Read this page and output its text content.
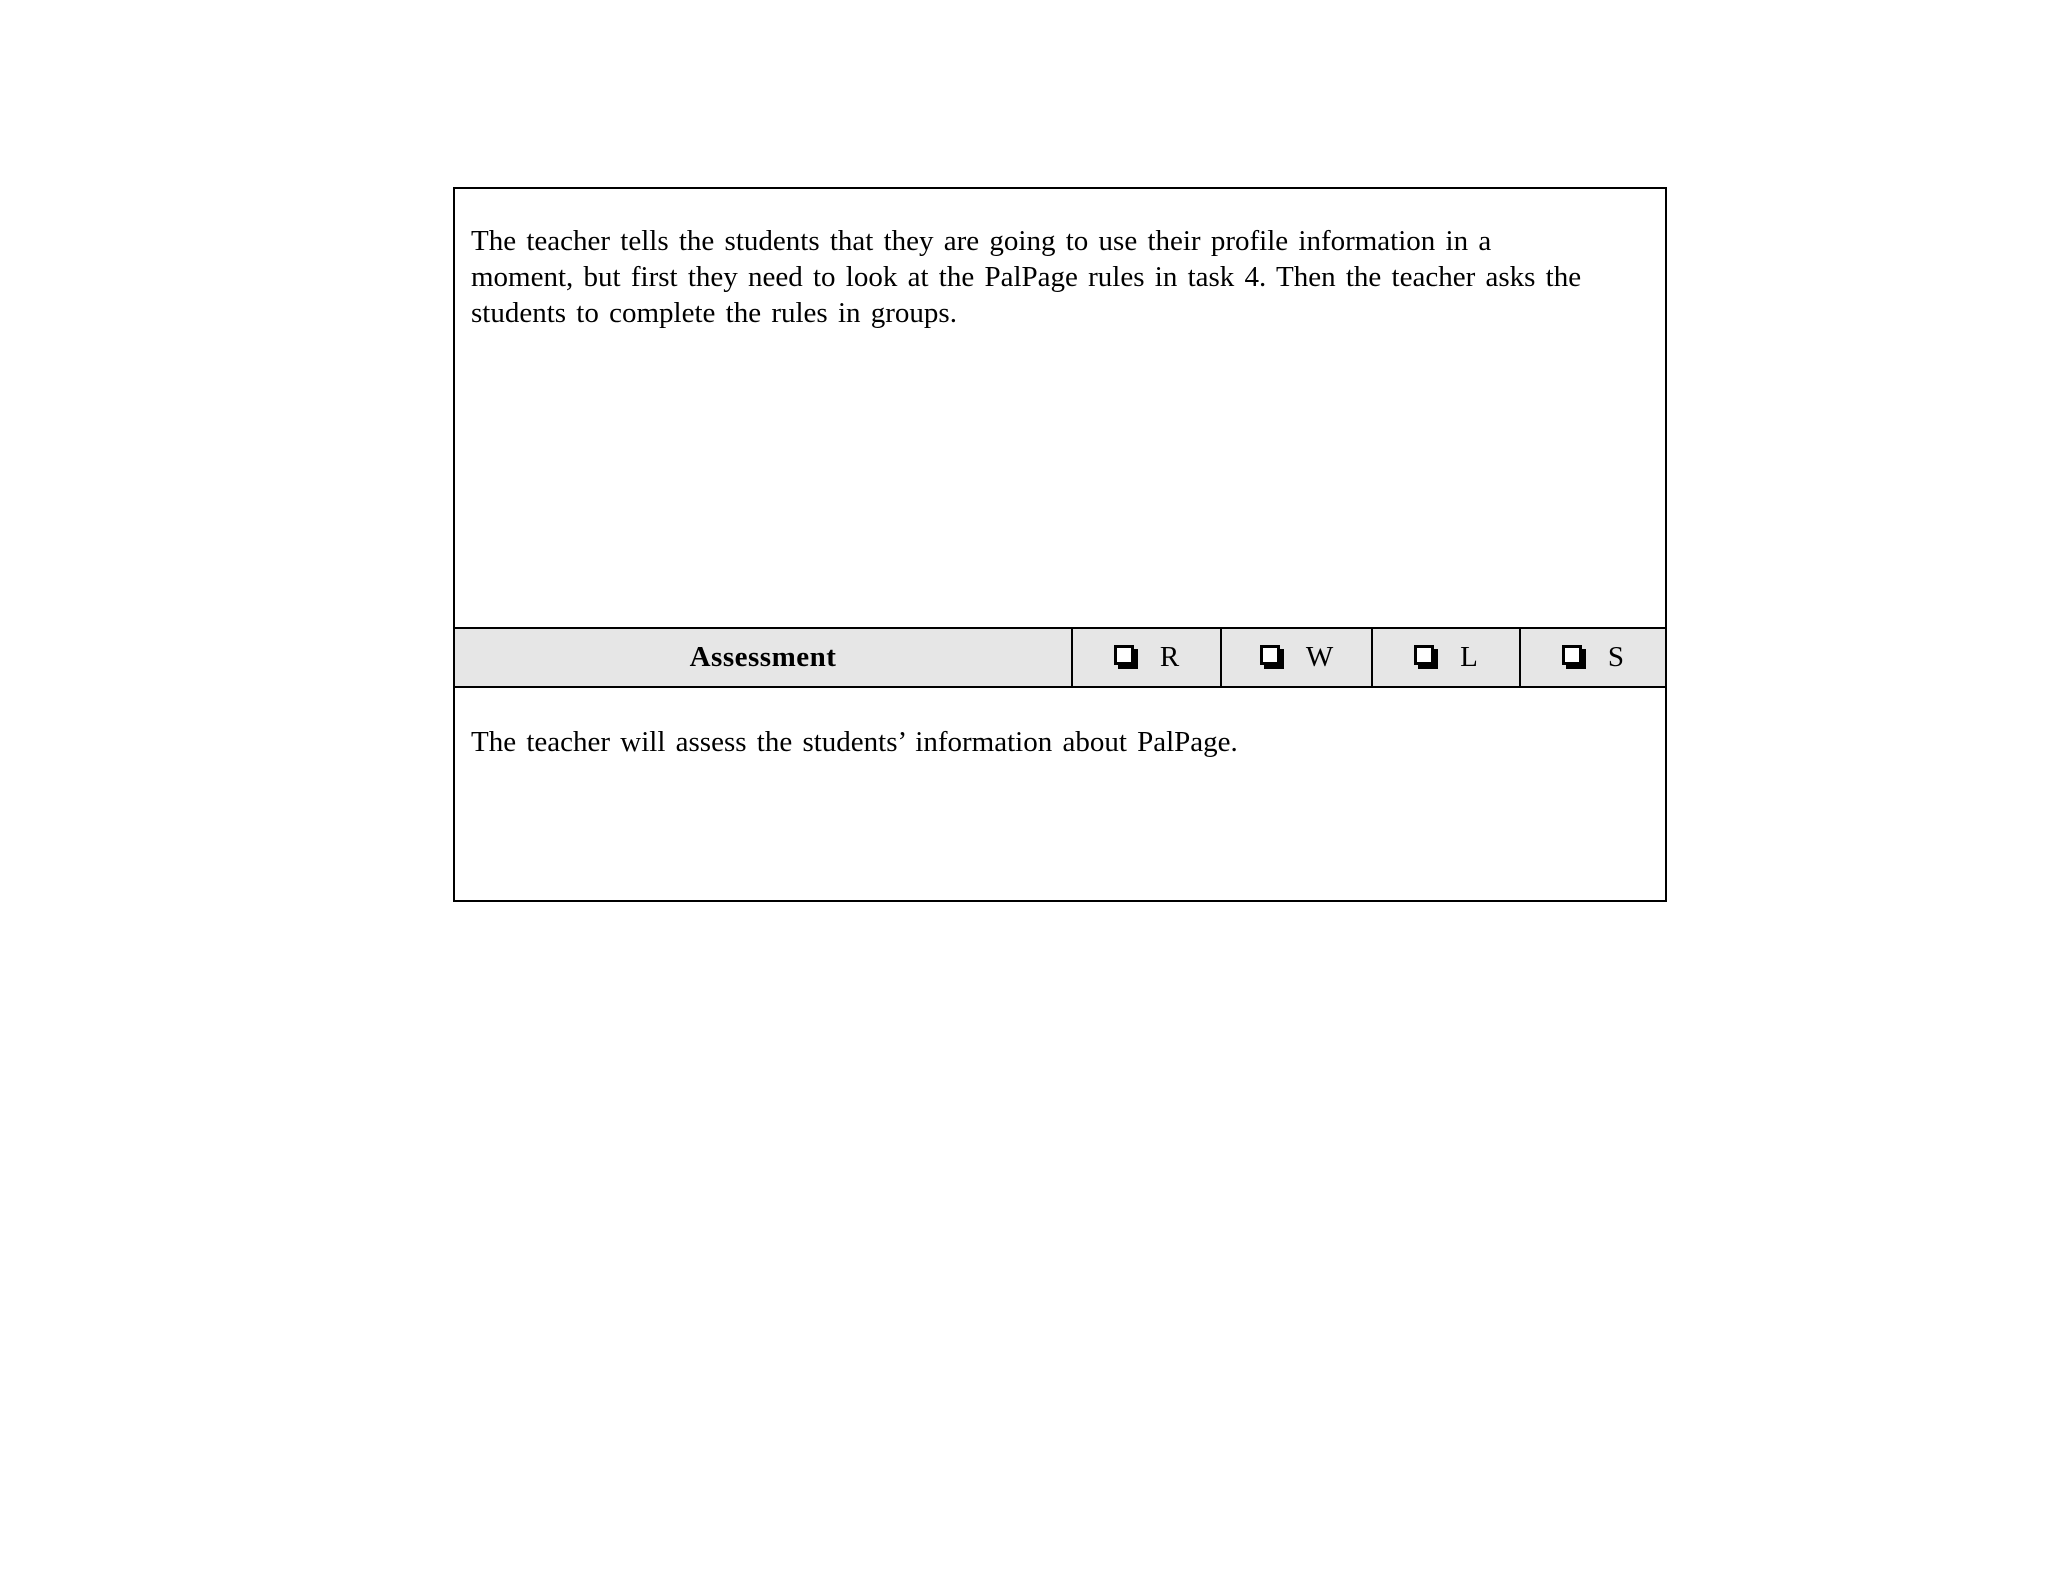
The teacher tells the students that they are going to use their profile information in a
moment, but first they need to look at the PalPage rules in task 4. Then the teacher asks the
students to complete the rules in groups.
Assessment	R	W	L	S
The teacher will assess the students’ information about PalPage.
